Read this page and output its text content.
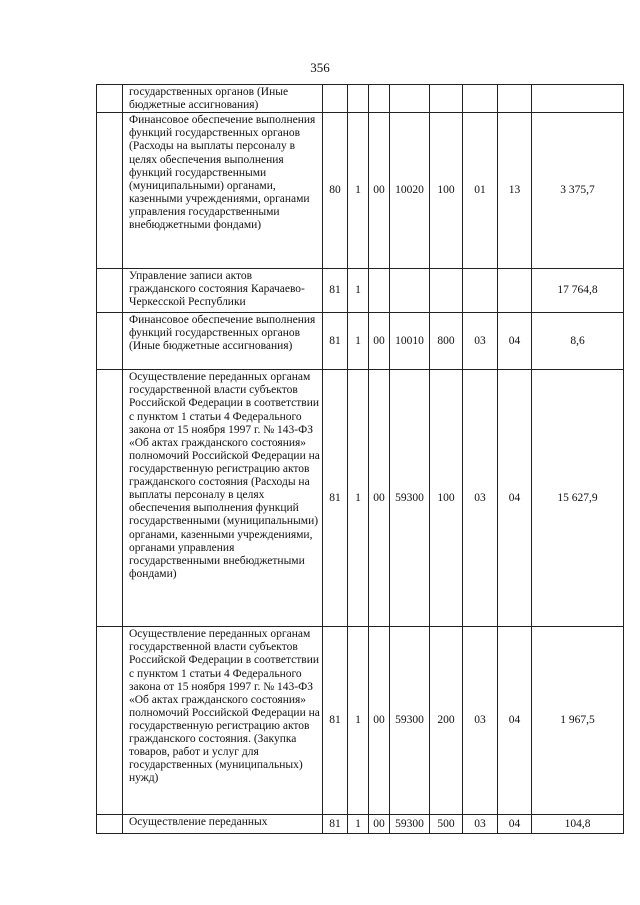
356
	государственных органов (Иные бюджетные ассигнования)								
	Финансовое обеспечение выполнения функций государственных органов (Расходы на выплаты персоналу в целях обеспечения выполнения функций государственными (муниципальными) органами, казенными учреждениями, органами управления государственными внебюджетными фондами)	80	1	00	10020	100	01	13	3 375,7
	Управление записи актов гражданского состояния Карачаево-Черкесской Республики	81	1						17 764,8
	Финансовое обеспечение выполнения функций государственных органов (Иные бюджетные ассигнования)	81	1	00	10010	800	03	04	8,6
	Осуществление переданных органам государственной власти субъектов Российской Федерации в соответствии с пунктом 1 статьи 4 Федерального закона от 15 ноября 1997 г. № 143-ФЗ «Об актах гражданского состояния» полномочий Российской Федерации на государственную регистрацию актов гражданского состояния (Расходы на выплаты персоналу в целях обеспечения выполнения функций государственными (муниципальными) органами, казенными учреждениями, органами управления государственными внебюджетными фондами)	81	1	00	59300	100	03	04	15 627,9
	Осуществление переданных органам государственной власти субъектов Российской Федерации в соответствии с пунктом 1 статьи 4 Федерального закона от 15 ноября 1997 г. № 143-ФЗ «Об актах гражданского состояния» полномочий Российской Федерации на государственную регистрацию актов гражданского состояния. (Закупка товаров, работ и услуг для государственных (муниципальных) нужд)	81	1	00	59300	200	03	04	1 967,5
	Осуществление переданных	81	1	00	59300	500	03	04	104,8
